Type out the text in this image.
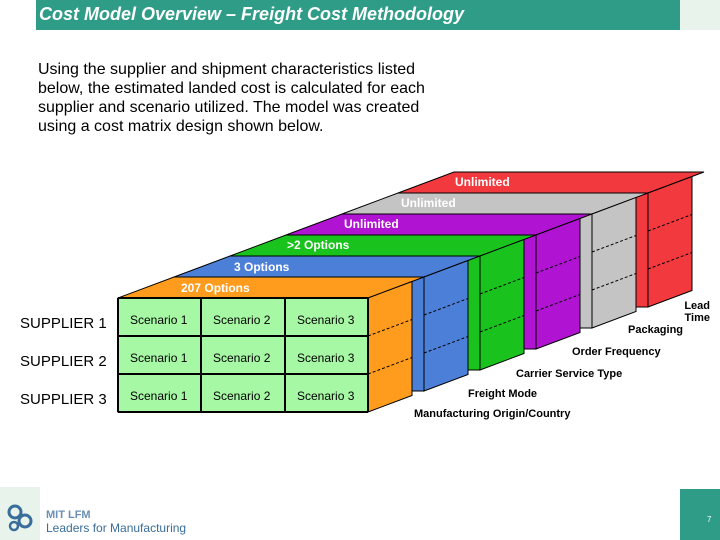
Cost Model Overview – Freight Cost Methodology

Using the supplier and shipment characteristics listed below, the estimated landed cost is calculated for each supplier and scenario utilized. The model was created using a cost matrix design shown below.

SUPPLIER 1
SUPPLIER 2
SUPPLIER 3
Scenario 1 Scenario 2 Scenario 3
Scenario 1 Scenario 2 Scenario 3
Scenario 1 Scenario 2 Scenario 3
207 Options
3 Options
>2 Options
Unlimited
Unlimited
Unlimited
Manufacturing Origin/Country
Freight Mode
Carrier Service Type
Order Frequency
Packaging
Lead Time
MIT LFM
Leaders for Manufacturing
7
